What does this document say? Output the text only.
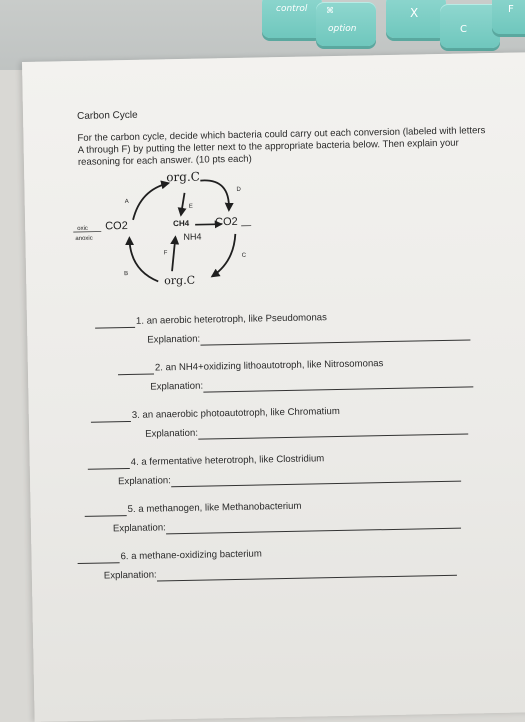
control ⌘
option
X
C
F

Carbon Cycle

For the carbon cycle, decide which bacteria could carry out each conversion (labeled with letters A through F) by putting the letter next to the appropriate bacteria below. Then explain your reasoning for each answer. (10 pts each)

org.C
org.C
CO2	CO2
CH4
NH4
oxic
anoxic
A
B
C
D
E
F
1. an aerobic heterotroph, like Pseudomonas
Explanation:
2. an NH4+oxidizing lithoautotroph, like Nitrosomonas
Explanation:
3. an anaerobic photoautotroph, like Chromatium
Explanation:
4. a fermentative heterotroph, like Clostridium
Explanation:
5. a methanogen, like Methanobacterium
Explanation:
6. a methane-oxidizing bacterium
Explanation:
